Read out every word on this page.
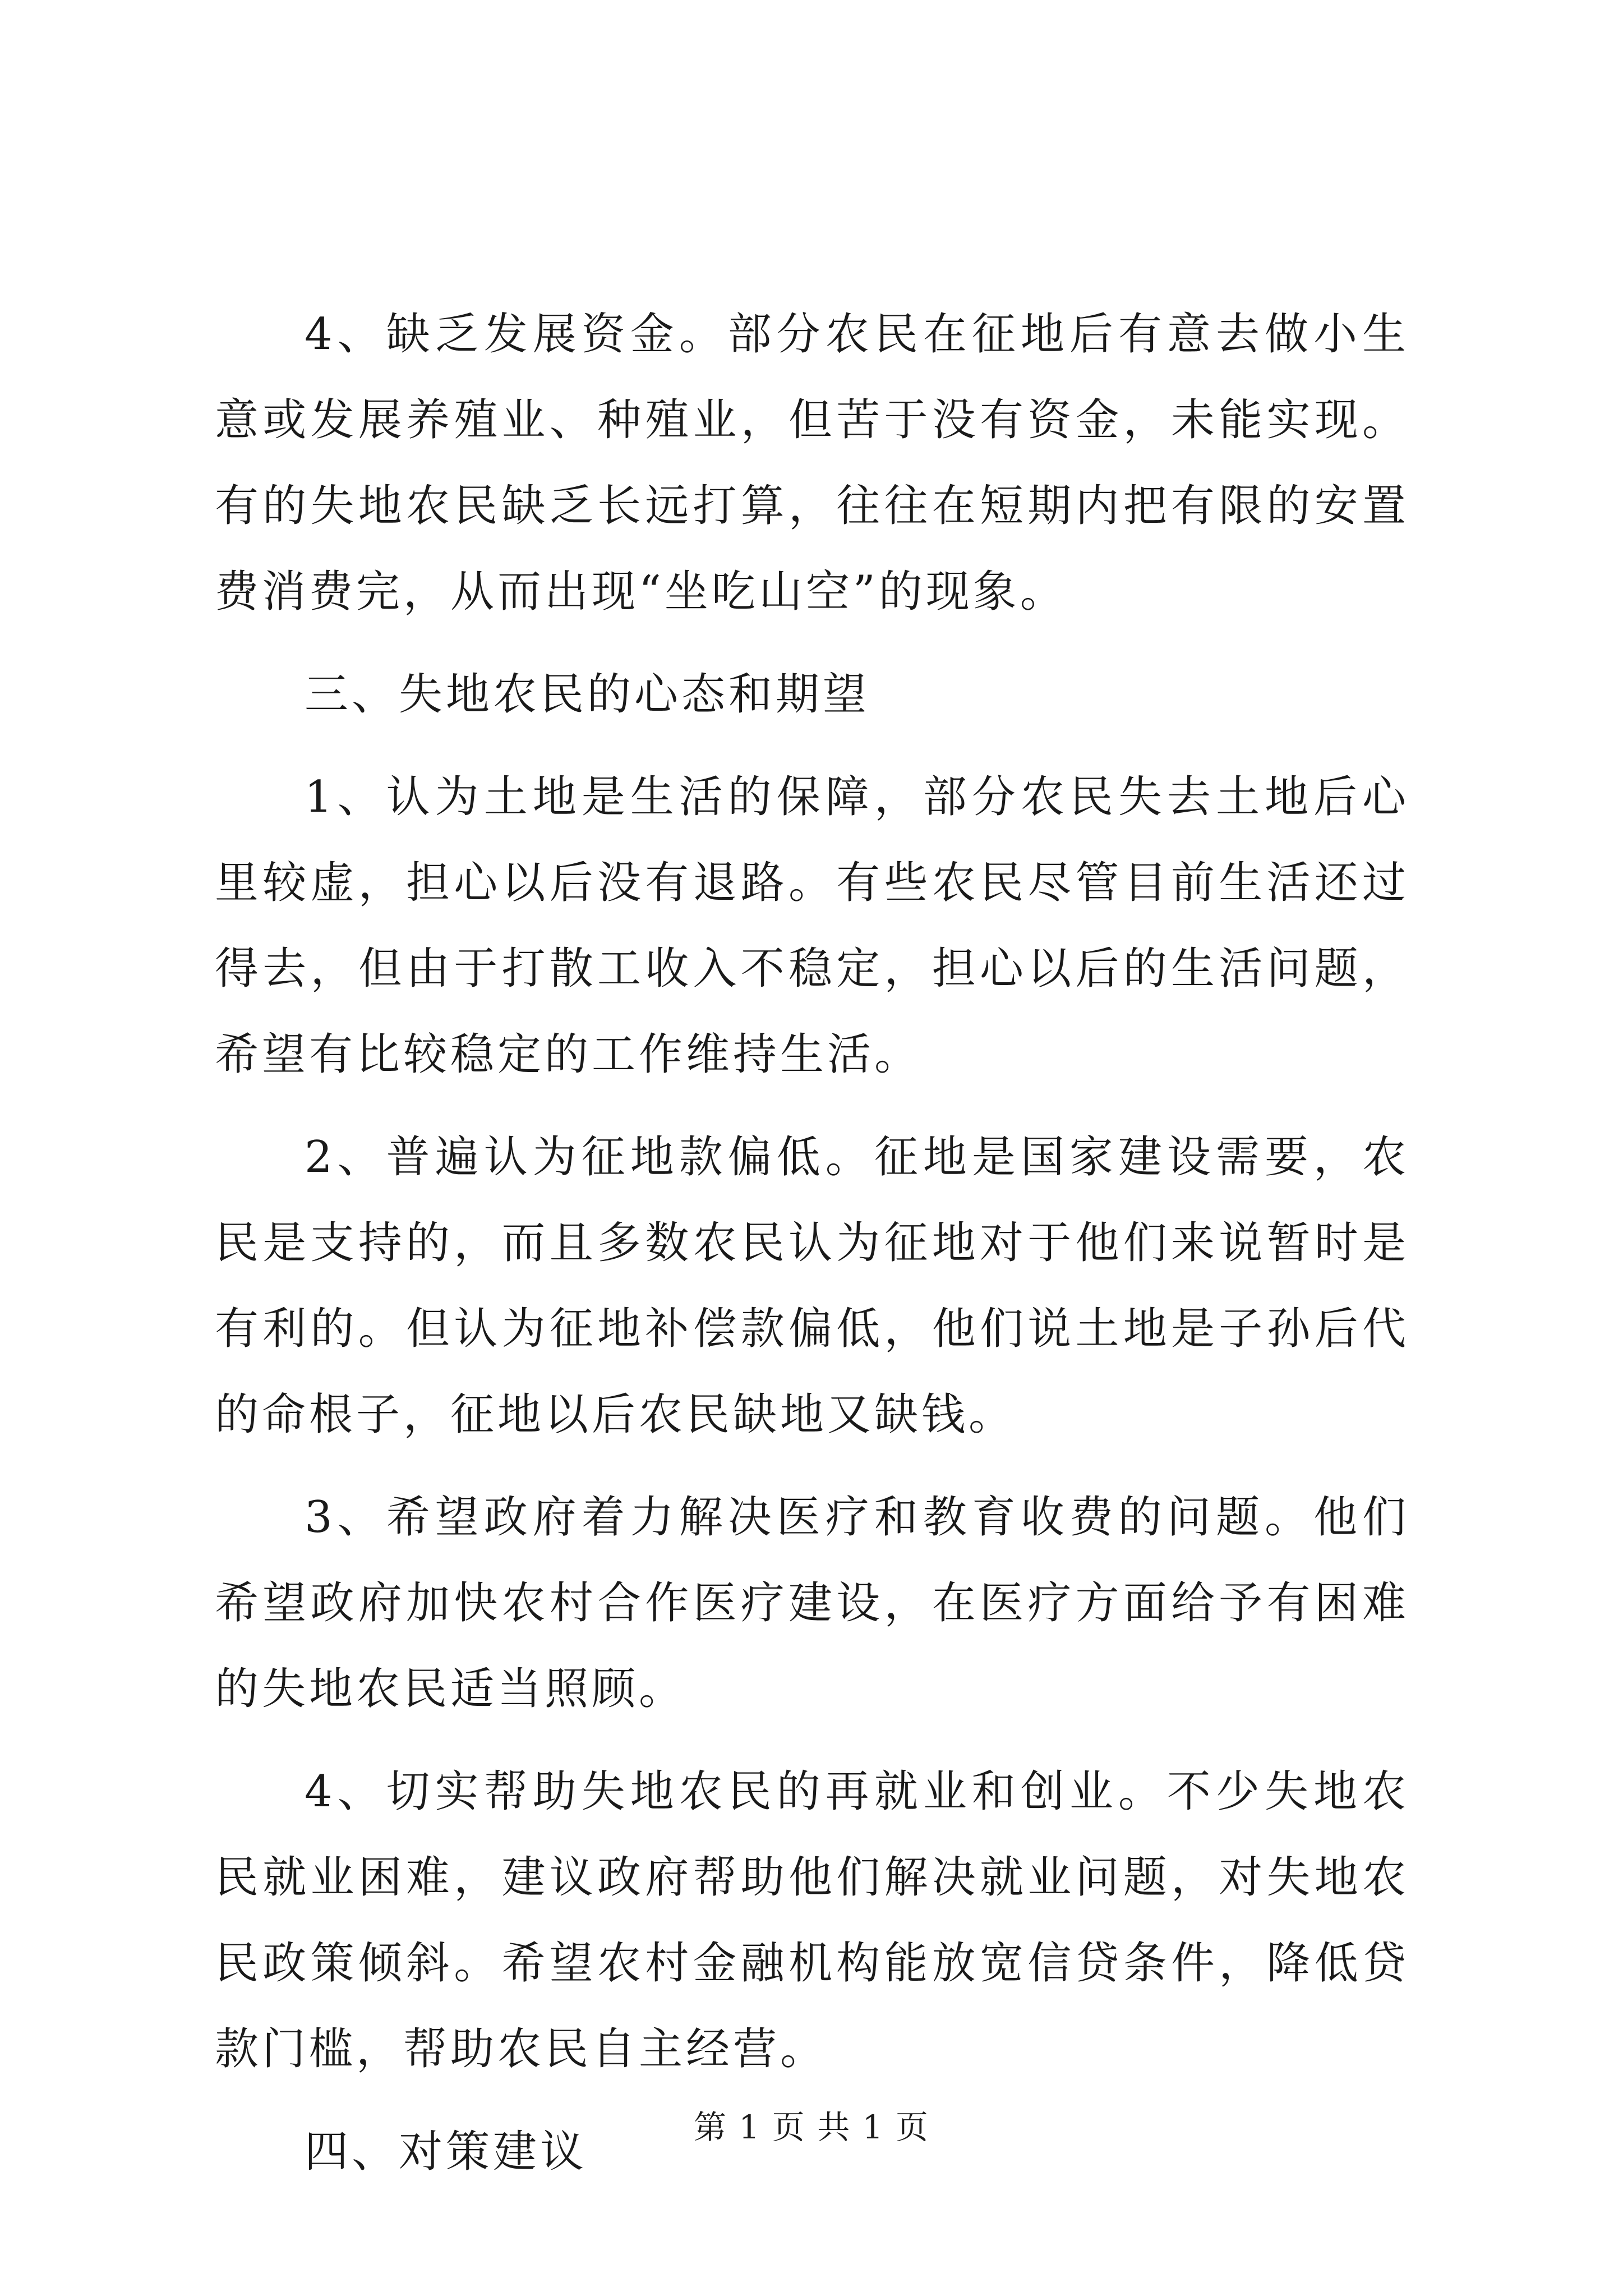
4、缺乏发展资金。部分农民在征地后有意去做小生意或发展养殖业、种殖业，但苦于没有资金，未能实现。有的失地农民缺乏长远打算，往往在短期内把有限的安置费消费完，从而出现“坐吃山空”的现象。

三、失地农民的心态和期望

1、认为土地是生活的保障，部分农民失去土地后心里较虚，担心以后没有退路。有些农民尽管目前生活还过得去，但由于打散工收入不稳定，担心以后的生活问题，希望有比较稳定的工作维持生活。

2、普遍认为征地款偏低。征地是国家建设需要，农民是支持的，而且多数农民认为征地对于他们来说暂时是有利的。但认为征地补偿款偏低，他们说土地是子孙后代的命根子，征地以后农民缺地又缺钱。

3、希望政府着力解决医疗和教育收费的问题。他们希望政府加快农村合作医疗建设，在医疗方面给予有困难的失地农民适当照顾。

4、切实帮助失地农民的再就业和创业。不少失地农民就业困难，建议政府帮助他们解决就业问题，对失地农民政策倾斜。希望农村金融机构能放宽信贷条件，降低贷款门槛，帮助农民自主经营。

四、对策建议	第 1 页 共 1 页
